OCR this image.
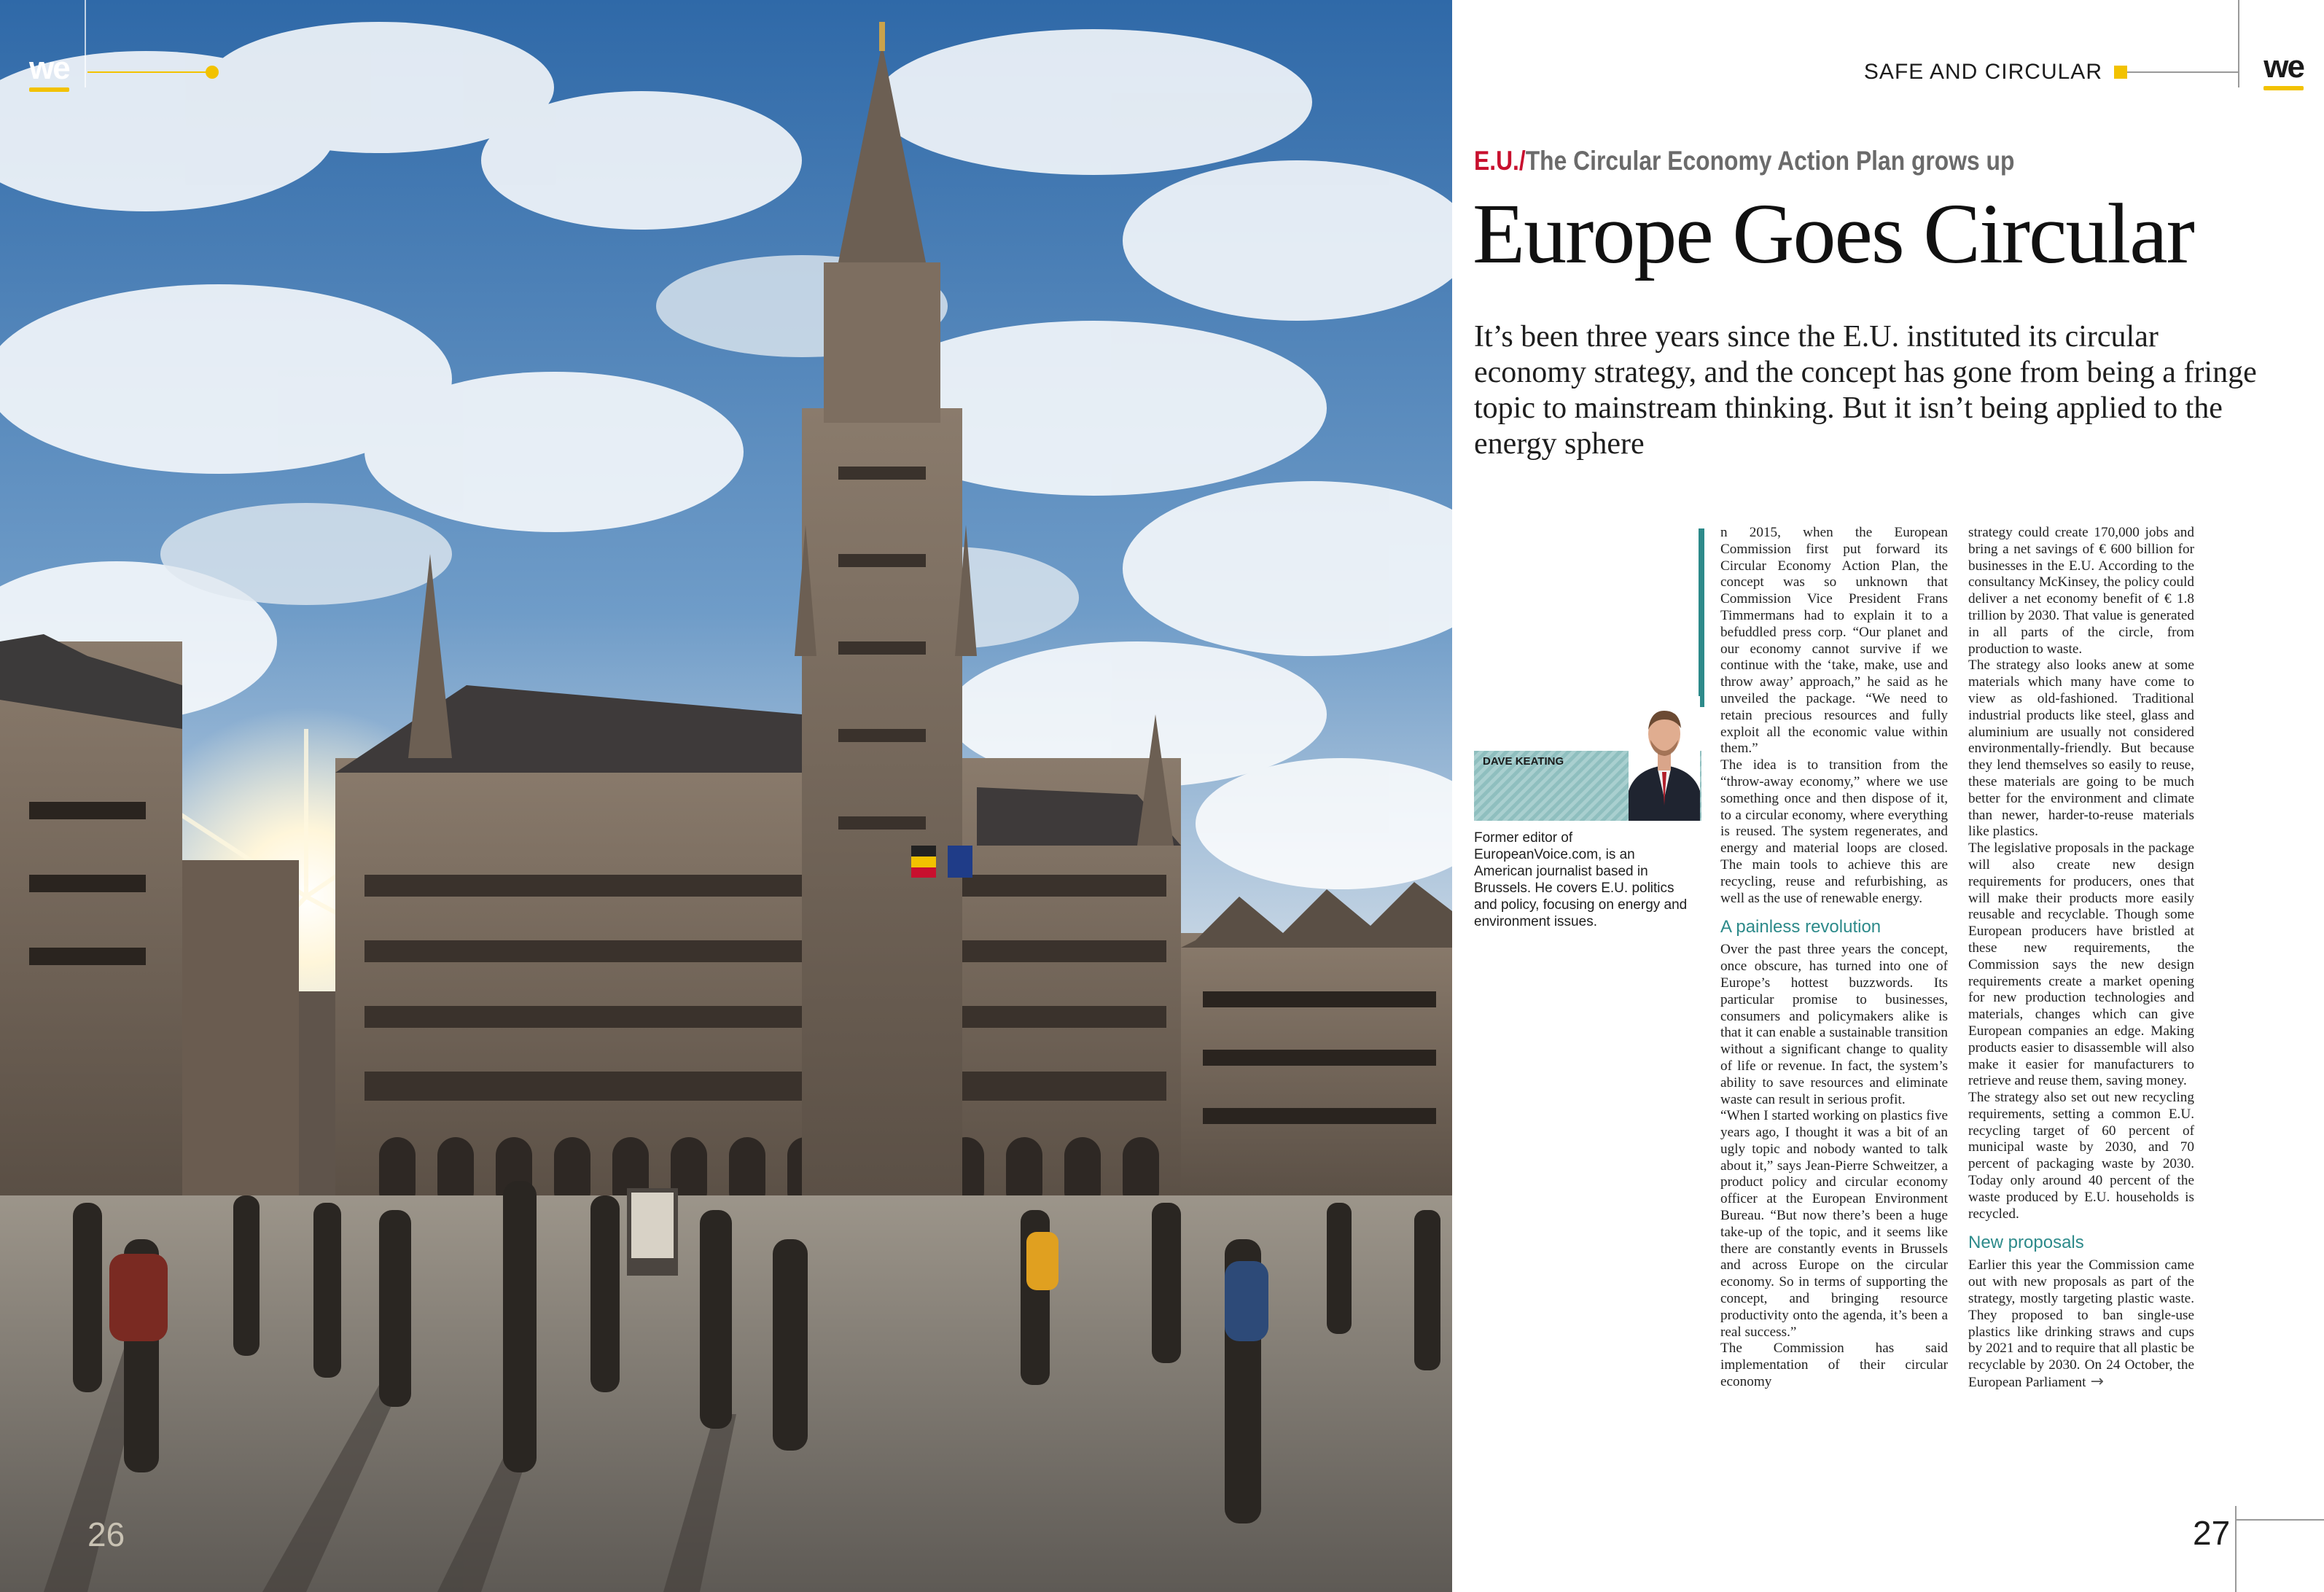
we
26
SAFE AND CIRCULAR	we
E.U./The Circular Economy Action Plan grows up
Europe Goes Circular
It’s been three years since the E.U. instituted its circular economy strategy, and the concept has gone from being a fringe topic to mainstream thinking. But it isn’t being applied to the energy sphere
DAVE KEATING
Former editor of EuropeanVoice.com, is an American journalist based in Brussels. He covers E.U. politics and policy, focusing on energy and environment issues.

n 2015, when the European Commission first put forward its Circular Economy Action Plan, the concept was so unknown that Commission Vice President Frans Timmermans had to explain it to a befuddled press corp. “Our planet and our economy cannot survive if we continue with the ‘take, make, use and throw away’ approach,” he said as he unveiled the package. “We need to retain precious resources and fully exploit all the economic value within them.”

The idea is to transition from the “throw-away economy,” where we use something once and then dispose of it, to a circular economy, where everything is reused. The system regenerates, and energy and material loops are closed. The main tools to achieve this are recycling, reuse and refurbishing, as well as the use of renewable energy.

A painless revolution

Over the past three years the concept, once obscure, has turned into one of Europe’s hottest buzzwords. Its particular promise to businesses, consumers and policymakers alike is that it can enable a sustainable transition without a significant change to quality of life or revenue. In fact, the system’s ability to save resources and eliminate waste can result in serious profit.

“When I started working on plastics five years ago, I thought it was a bit of an ugly topic and nobody wanted to talk about it,” says Jean-Pierre Schweitzer, a product policy and circular economy officer at the European Environment Bureau. “But now there’s been a huge take-up of the topic, and it seems like there are constantly events in Brussels and across Europe on the circular economy. So in terms of supporting the concept, and bringing resource productivity onto the agenda, it’s been a real success.”

The Commission has said implementation of their circular economy

strategy could create 170,000 jobs and bring a net savings of € 600 billion for businesses in the E.U. According to the consultancy McKinsey, the policy could deliver a net economy benefit of € 1.8 trillion by 2030. That value is generated in all parts of the circle, from production to waste.

The strategy also looks anew at some materials which many have come to view as old-fashioned. Traditional industrial products like steel, glass and aluminium are usually not considered environmentally-friendly. But because they lend themselves so easily to reuse, these materials are going to be much better for the environment and climate than newer, harder-to-reuse materials like plastics.

The legislative proposals in the package will also create new design requirements for producers, ones that will make their products more easily reusable and recyclable. Though some European producers have bristled at these new requirements, the Commission says the new design requirements create a market opening for new production technologies and materials, changes which can give European companies an edge. Making products easier to disassemble will also make it easier for manufacturers to retrieve and reuse them, saving money.

The strategy also set out new recycling requirements, setting a common E.U. recycling target of 60 percent of municipal waste by 2030, and 70 percent of packaging waste by 2030. Today only around 40 percent of the waste produced by E.U. households is recycled.

New proposals

Earlier this year the Commission came out with new proposals as part of the strategy, mostly targeting plastic waste. They proposed to ban single-use plastics like drinking straws and cups by 2021 and to require that all plastic be recyclable by 2030. On 24 October, the European Parliament →

27
